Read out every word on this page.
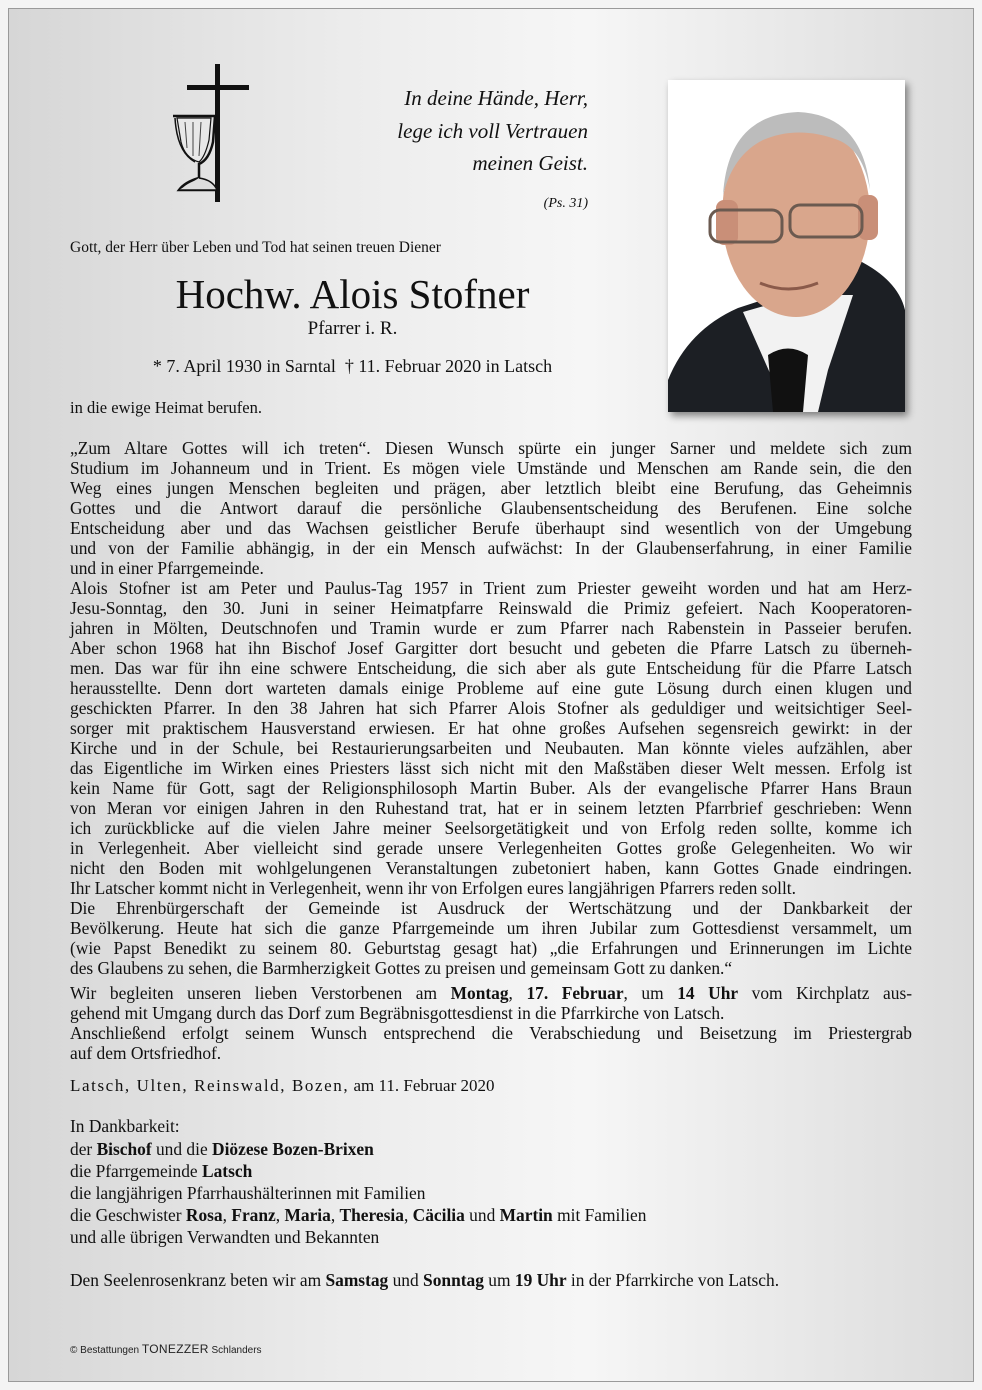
In deine Hände, Herr,
lege ich voll Vertrauen
meinen Geist.
(Ps. 31)
Gott, der Herr über Leben und Tod hat seinen treuen Diener
Hochw. Alois Stofner
Pfarrer i. R.
* 7. April 1930 in Sarntal  † 11. Februar 2020 in Latsch
in die ewige Heimat berufen.
„Zum Altare Gottes will ich treten“. Diesen Wunsch spürte ein junger Sarner und meldete sich zum
Studium im Johanneum und in Trient. Es mögen viele Umstände und Menschen am Rande sein, die den
Weg eines jungen Menschen begleiten und prägen, aber letztlich bleibt eine Berufung, das Geheimnis
Gottes und die Antwort darauf die persönliche Glaubensentscheidung des Berufenen. Eine solche
Entscheidung aber und das Wachsen geistlicher Berufe überhaupt sind wesentlich von der Umgebung
und von der Familie abhängig, in der ein Mensch aufwächst: In der Glaubenserfahrung, in einer Familie
und in einer Pfarrgemeinde.
Alois Stofner ist am Peter und Paulus-Tag 1957 in Trient zum Priester geweiht worden und hat am Herz-
Jesu-Sonntag, den 30. Juni in seiner Heimatpfarre Reinswald die Primiz gefeiert. Nach Kooperatoren-
jahren in Mölten, Deutschnofen und Tramin wurde er zum Pfarrer nach Rabenstein in Passeier berufen.
Aber schon 1968 hat ihn Bischof Josef Gargitter dort besucht und gebeten die Pfarre Latsch zu überneh-
men. Das war für ihn eine schwere Entscheidung, die sich aber als gute Entscheidung für die Pfarre Latsch
herausstellte. Denn dort warteten damals einige Probleme auf eine gute Lösung durch einen klugen und
geschickten Pfarrer. In den 38 Jahren hat sich Pfarrer Alois Stofner als geduldiger und weitsichtiger Seel-
sorger mit praktischem Hausverstand erwiesen. Er hat ohne großes Aufsehen segensreich gewirkt: in der
Kirche und in der Schule, bei Restaurierungsarbeiten und Neubauten. Man könnte vieles aufzählen, aber
das Eigentliche im Wirken eines Priesters lässt sich nicht mit den Maßstäben dieser Welt messen. Erfolg ist
kein Name für Gott, sagt der Religionsphilosoph Martin Buber. Als der evangelische Pfarrer Hans Braun
von Meran vor einigen Jahren in den Ruhestand trat, hat er in seinem letzten Pfarrbrief geschrieben: Wenn
ich zurückblicke auf die vielen Jahre meiner Seelsorgetätigkeit und von Erfolg reden sollte, komme ich
in Verlegenheit. Aber vielleicht sind gerade unsere Verlegenheiten Gottes große Gelegenheiten. Wo wir
nicht den Boden mit wohlgelungenen Veranstaltungen zubetoniert haben, kann Gottes Gnade eindringen.
Ihr Latscher kommt nicht in Verlegenheit, wenn ihr von Erfolgen eures langjährigen Pfarrers reden sollt.
Die Ehrenbürgerschaft der Gemeinde ist Ausdruck der Wertschätzung und der Dankbarkeit der
Bevölkerung. Heute hat sich die ganze Pfarrgemeinde um ihren Jubilar zum Gottesdienst versammelt, um
(wie Papst Benedikt zu seinem 80. Geburtstag gesagt hat) „die Erfahrungen und Erinnerungen im Lichte
des Glaubens zu sehen, die Barmherzigkeit Gottes zu preisen und gemeinsam Gott zu danken.“
Wir begleiten unseren lieben Verstorbenen am Montag, 17. Februar, um 14 Uhr vom Kirchplatz aus-
gehend mit Umgang durch das Dorf zum Begräbnisgottesdienst in die Pfarrkirche von Latsch.
Anschließend erfolgt seinem Wunsch entsprechend die Verabschiedung und Beisetzung im Priestergrab
auf dem Ortsfriedhof.
Latsch, Ulten, Reinswald, Bozen, am 11. Februar 2020
In Dankbarkeit:
der Bischof und die Diözese Bozen-Brixen
die Pfarrgemeinde Latsch
die langjährigen Pfarrhaushälterinnen mit Familien
die Geschwister Rosa, Franz, Maria, Theresia, Cäcilia und Martin mit Familien
und alle übrigen Verwandten und Bekannten
Den Seelenrosenkranz beten wir am Samstag und Sonntag um 19 Uhr in der Pfarrkirche von Latsch.
© Bestattungen TONEZZER Schlanders
